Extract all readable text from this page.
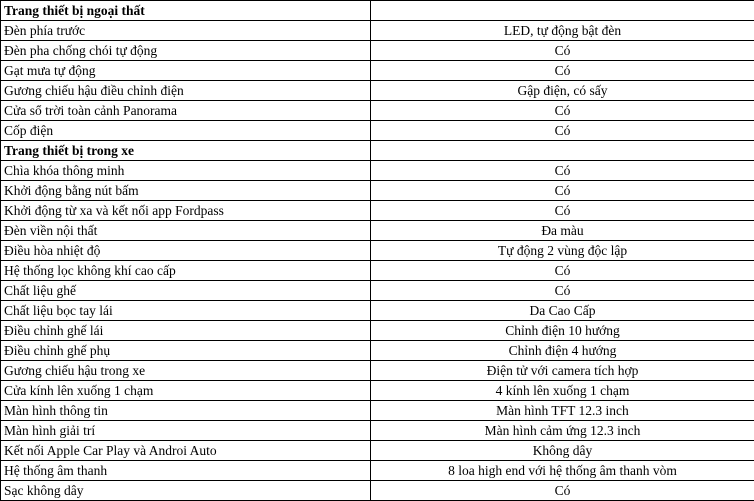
Trang thiết bị ngoại thất	
Đèn phía trước	LED, tự động bật đèn
Đèn pha chống chói tự động	Có
Gạt mưa tự động	Có
Gương chiếu hậu điều chỉnh điện	Gập điện, có sấy
Cửa sổ trời toàn cảnh Panorama	Có
Cốp điện	Có
Trang thiết bị trong xe	
Chìa khóa thông minh	Có
Khởi động bằng nút bấm	Có
Khởi động từ xa và kết nối app Fordpass	Có
Đèn viền nội thất	Đa màu
Điều hòa nhiệt độ	Tự động 2 vùng độc lập
Hệ thống lọc không khí cao cấp	Có
Chất liệu ghế	Có
Chất liệu bọc tay lái	Da Cao Cấp
Điều chỉnh ghế lái	Chỉnh điện 10 hướng
Điều chỉnh ghế phụ	Chỉnh điện 4 hướng
Gương chiếu hậu trong xe	Điện tử với camera tích hợp
Cửa kính lên xuống 1 chạm	4 kính lên xuống 1 chạm
Màn hình thông tin	Màn hình TFT 12.3 inch
Màn hình giải trí	Màn hình cảm ứng 12.3 inch
Kết nối Apple Car Play và Androi Auto	Không dây
Hệ thống âm thanh	8 loa high end với hệ thống âm thanh vòm
Sạc không dây	Có
